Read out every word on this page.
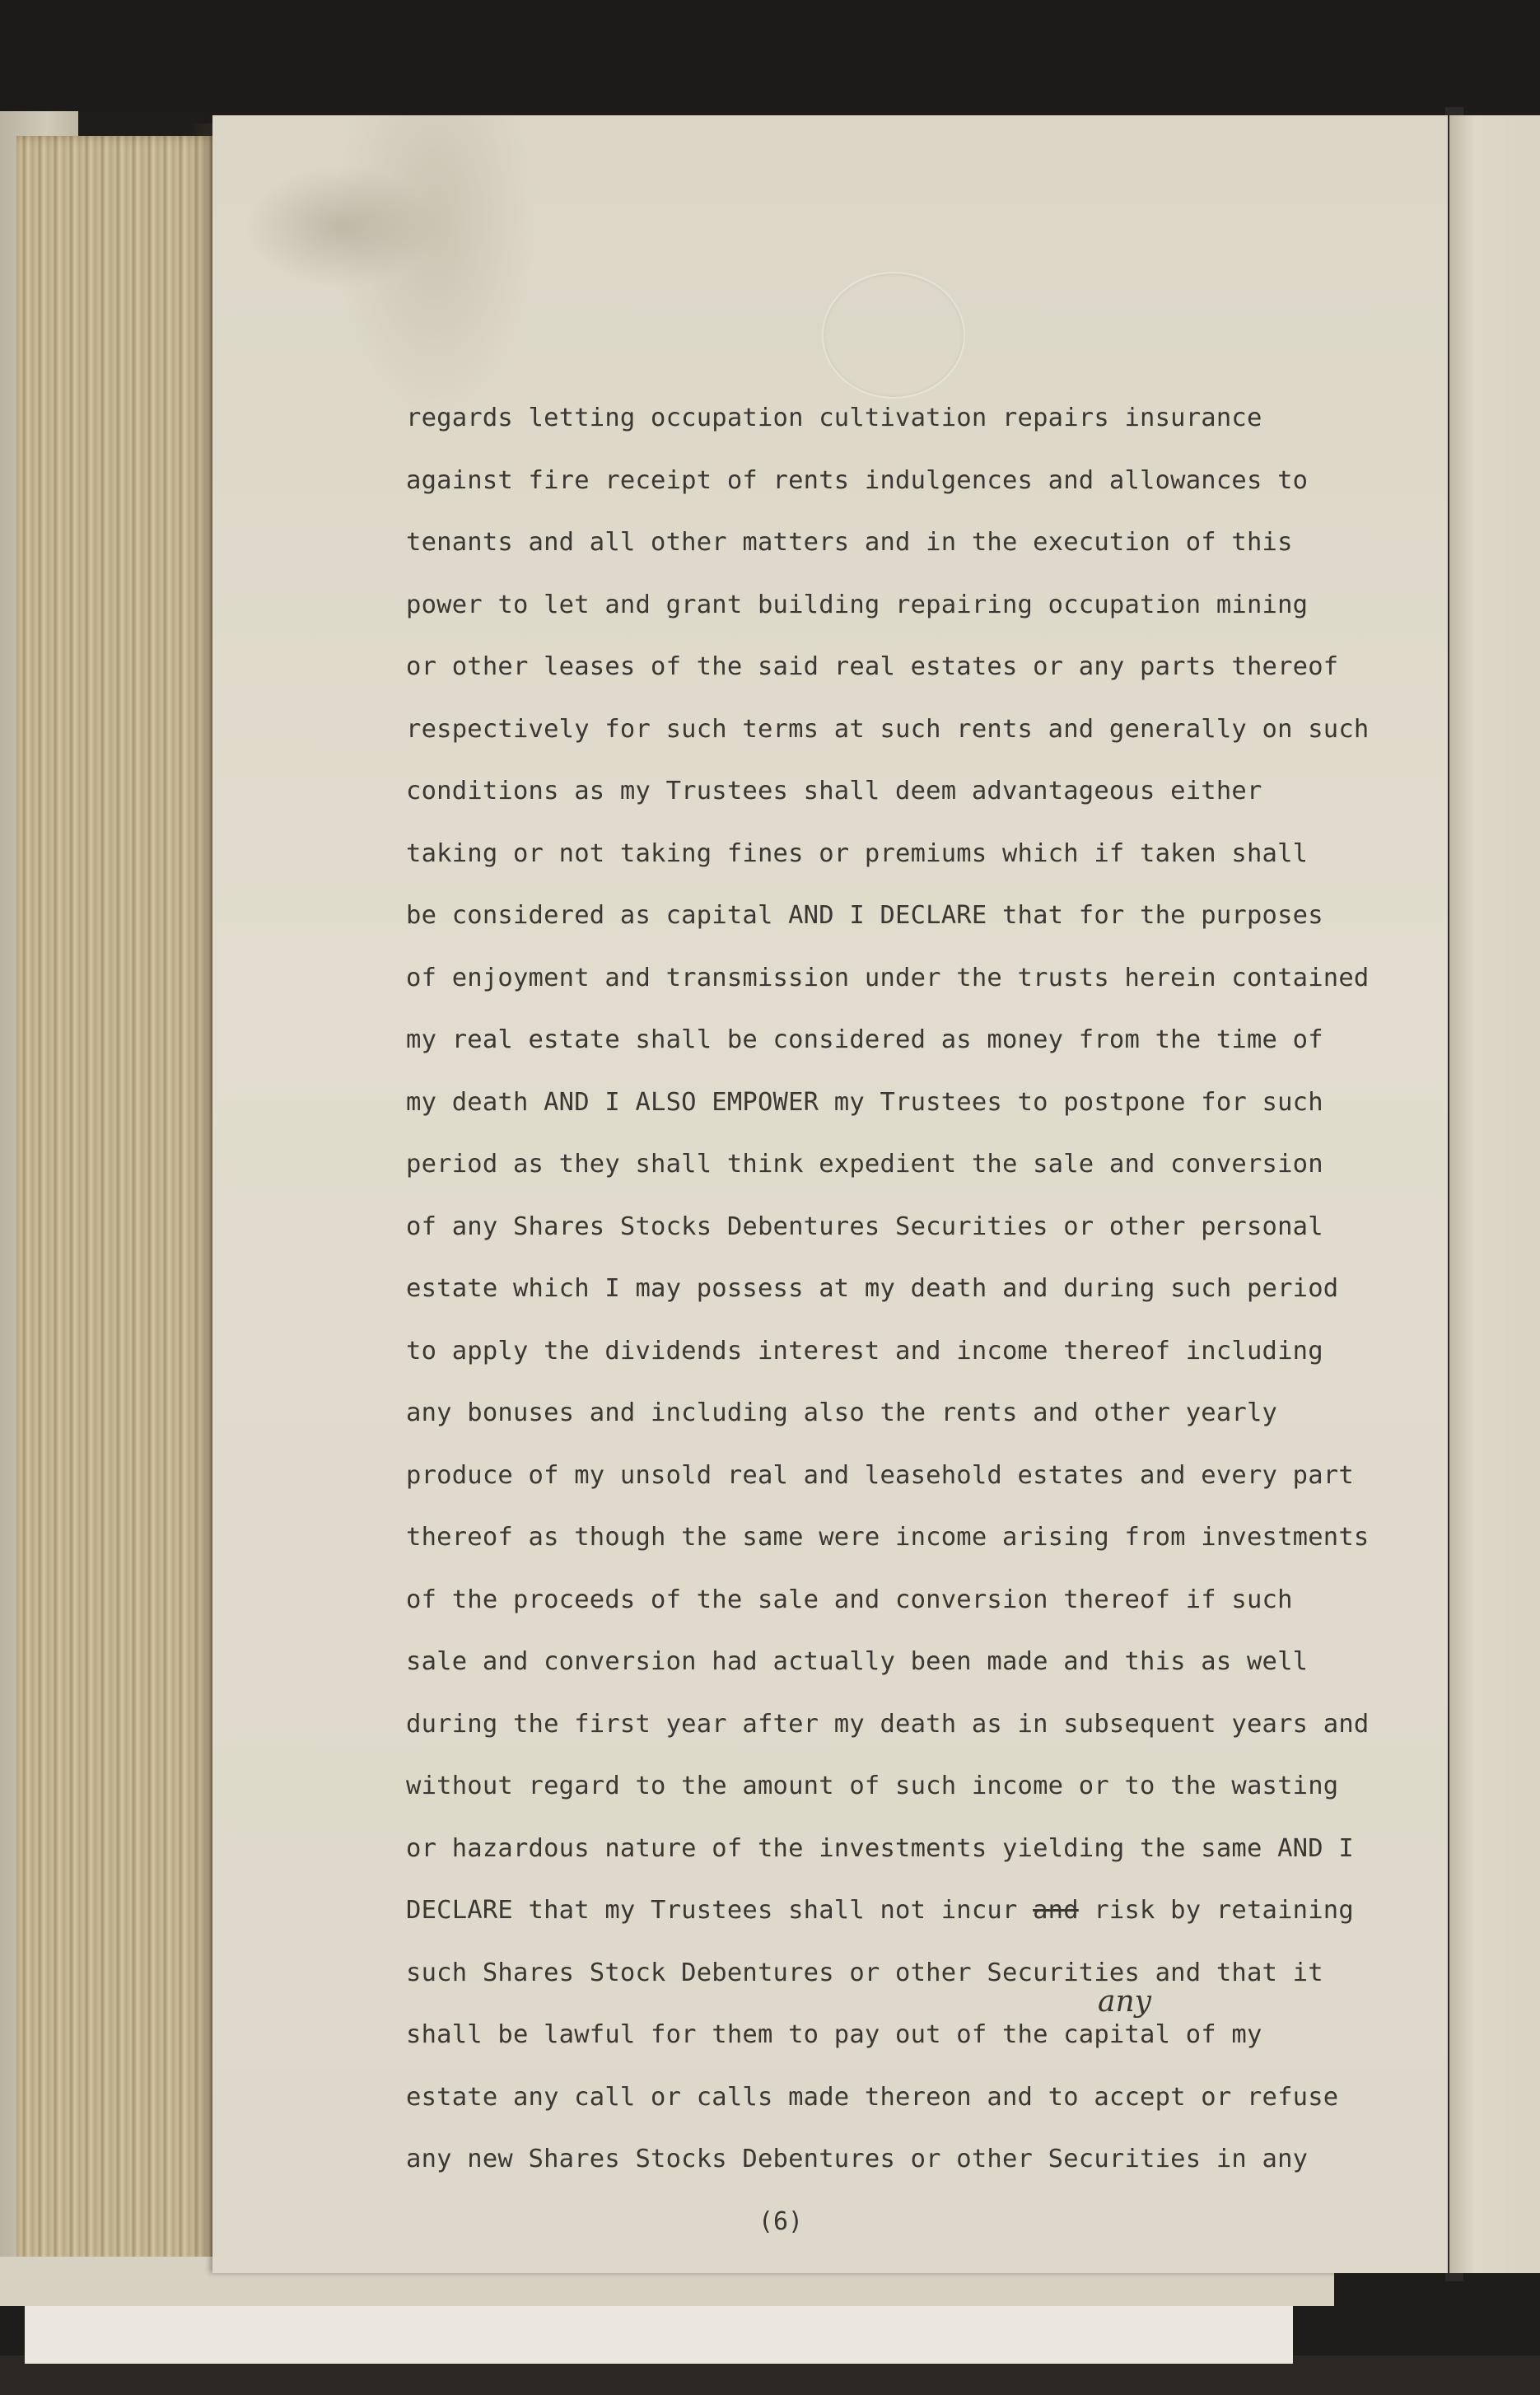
regards letting occupation cultivation repairs insurance
against fire receipt of rents indulgences and allowances to
tenants and all other matters and in the execution of this
power to let and grant building repairing occupation mining
or other leases of the said real estates or any parts thereof
respectively for such terms at such rents and generally on such
conditions as my Trustees shall deem advantageous either
taking or not taking fines or premiums which if taken shall
be considered as capital AND I DECLARE that for the purposes
of enjoyment and transmission under the trusts herein contained
my real estate shall be considered as money from the time of
my death AND I ALSO EMPOWER my Trustees to postpone for such
period as they shall think expedient the sale and conversion
of any Shares Stocks Debentures Securities or other personal
estate which I may possess at my death and during such period
to apply the dividends interest and income thereof including
any bonuses and including also the rents and other yearly
produce of my unsold real and leasehold estates and every part
thereof as though the same were income arising from investments
of the proceeds of the sale and conversion thereof if such
sale and conversion had actually been made and this as well
during the first year after my death as in subsequent years and
without regard to the amount of such income or to the wasting
or hazardous nature of the investments yielding the same AND I
DECLARE that my Trustees shall not incur and risk by retaining
such Shares Stock Debentures or other Securities and that it
shall be lawful for them to pay out of the capital of my
estate any call or calls made thereon and to accept or refuse
any new Shares Stocks Debentures or other Securities in any
any
(6)
